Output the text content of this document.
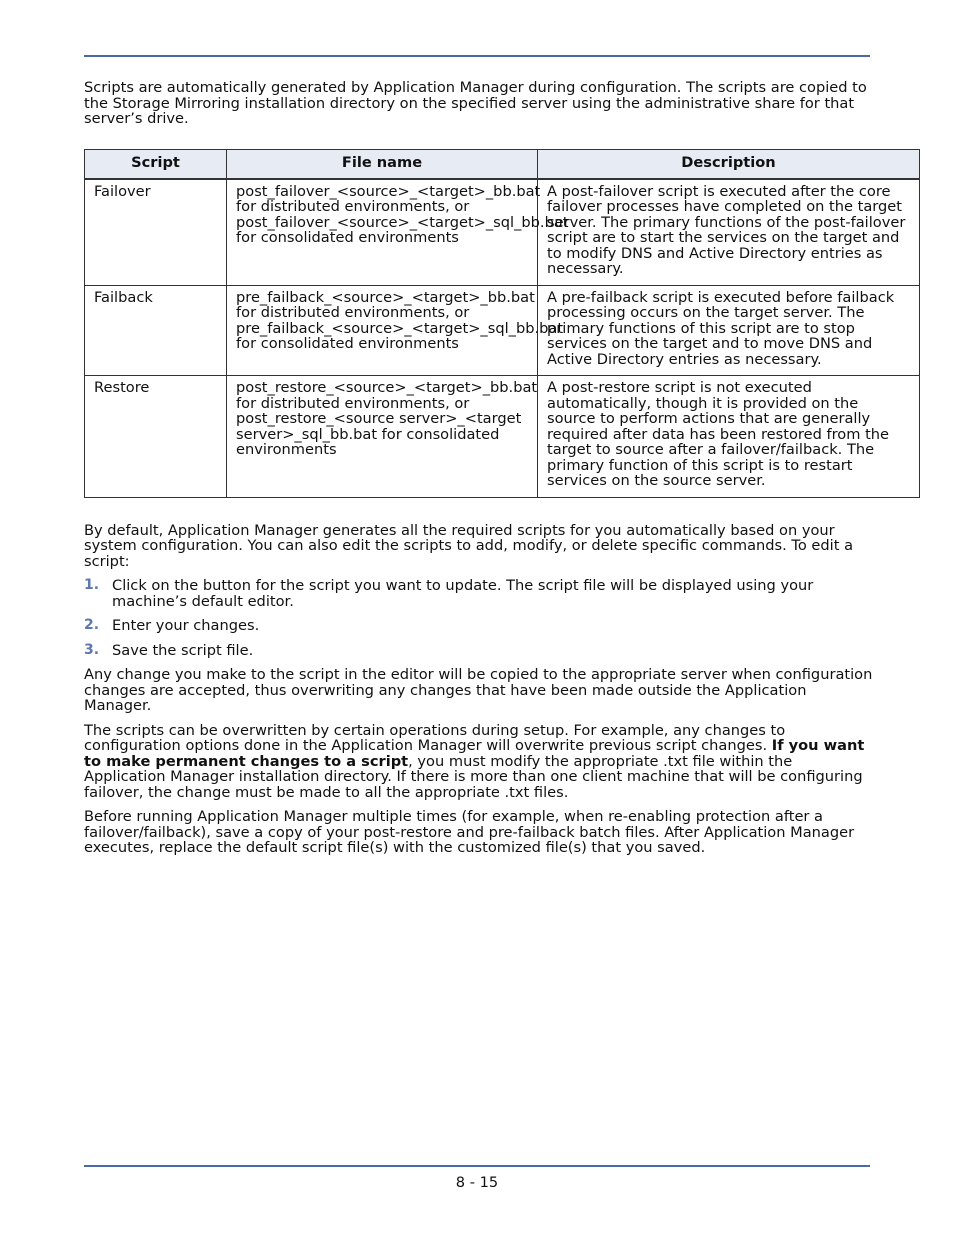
Scripts are automatically generated by Application Manager during configuration. The scripts are copied to the Storage Mirroring installation directory on the specified server using the administrative share for that server’s drive.

Script	File name	Description
Failover	post_failover_<source>_<target>_bb.bat for distributed environments, or post_failover_<source>_<target>_sql_bb.bat for consolidated environments	A post-failover script is executed after the core failover processes have completed on the target server. The primary functions of the post-failover script are to start the services on the target and to modify DNS and Active Directory entries as necessary.
Failback	pre_failback_<source>_<target>_bb.bat for distributed environments, or pre_failback_<source>_<target>_sql_bb.bat for consolidated environments	A pre-failback script is executed before failback processing occurs on the target server. The primary functions of this script are to stop services on the target and to move DNS and Active Directory entries as necessary.
Restore	post_restore_<source>_<target>_bb.bat for distributed environments, or post_restore_<source server>_<target server>_sql_bb.bat for consolidated environments	A post-restore script is not executed automatically, though it is provided on the source to perform actions that are generally required after data has been restored from the target to source after a failover/failback. The primary function of this script is to restart services on the source server.

By default, Application Manager generates all the required scripts for you automatically based on your system configuration. You can also edit the scripts to add, modify, or delete specific commands. To edit a script:

1. Click on the button for the script you want to update. The script file will be displayed using your machine’s default editor.
2. Enter your changes.
3. Save the script file.

Any change you make to the script in the editor will be copied to the appropriate server when configuration changes are accepted, thus overwriting any changes that have been made outside the Application Manager.

The scripts can be overwritten by certain operations during setup. For example, any changes to configuration options done in the Application Manager will overwrite previous script changes. If you want to make permanent changes to a script, you must modify the appropriate .txt file within the Application Manager installation directory. If there is more than one client machine that will be configuring failover, the change must be made to all the appropriate .txt files.

Before running Application Manager multiple times (for example, when re-enabling protection after a failover/failback), save a copy of your post-restore and pre-failback batch files. After Application Manager executes, replace the default script file(s) with the customized file(s) that you saved.

8 - 15
